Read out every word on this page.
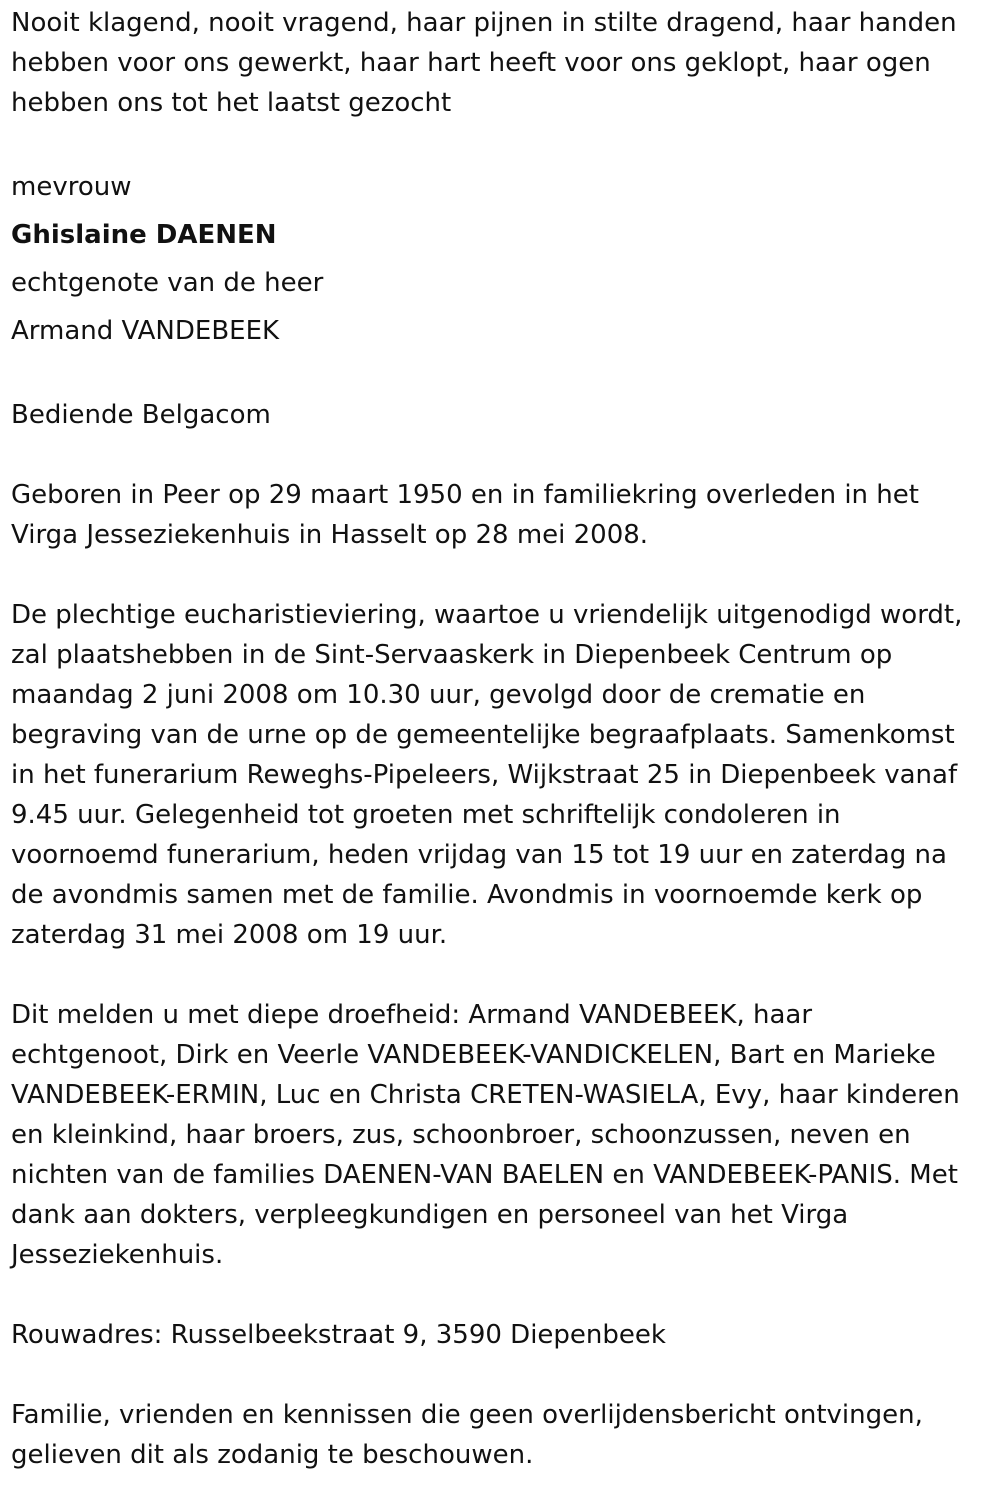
Nooit klagend, nooit vragend, haar pijnen in stilte dragend, haar handen
hebben voor ons gewerkt, haar hart heeft voor ons geklopt, haar ogen
hebben ons tot het laatst gezocht

mevrouw

Ghislaine DAENEN

echtgenote van de heer

Armand VANDEBEEK

Bediende Belgacom

Geboren in Peer op 29 maart 1950 en in familiekring overleden in het
Virga Jesseziekenhuis in Hasselt op 28 mei 2008.

De plechtige eucharistieviering, waartoe u vriendelijk uitgenodigd wordt,
zal plaatshebben in de Sint-Servaaskerk in Diepenbeek Centrum op
maandag 2 juni 2008 om 10.30 uur, gevolgd door de crematie en
begraving van de urne op de gemeentelijke begraafplaats. Samenkomst
in het funerarium Reweghs-Pipeleers, Wijkstraat 25 in Diepenbeek vanaf
9.45 uur. Gelegenheid tot groeten met schriftelijk condoleren in
voornoemd funerarium, heden vrijdag van 15 tot 19 uur en zaterdag na
de avondmis samen met de familie. Avondmis in voornoemde kerk op
zaterdag 31 mei 2008 om 19 uur.

Dit melden u met diepe droefheid: Armand VANDEBEEK, haar
echtgenoot, Dirk en Veerle VANDEBEEK-VANDICKELEN, Bart en Marieke
VANDEBEEK-ERMIN, Luc en Christa CRETEN-WASIELA, Evy, haar kinderen
en kleinkind, haar broers, zus, schoonbroer, schoonzussen, neven en
nichten van de families DAENEN-VAN BAELEN en VANDEBEEK-PANIS. Met
dank aan dokters, verpleegkundigen en personeel van het Virga
Jesseziekenhuis.

Rouwadres: Russelbeekstraat 9, 3590 Diepenbeek

Familie, vrienden en kennissen die geen overlijdensbericht ontvingen,
gelieven dit als zodanig te beschouwen.
